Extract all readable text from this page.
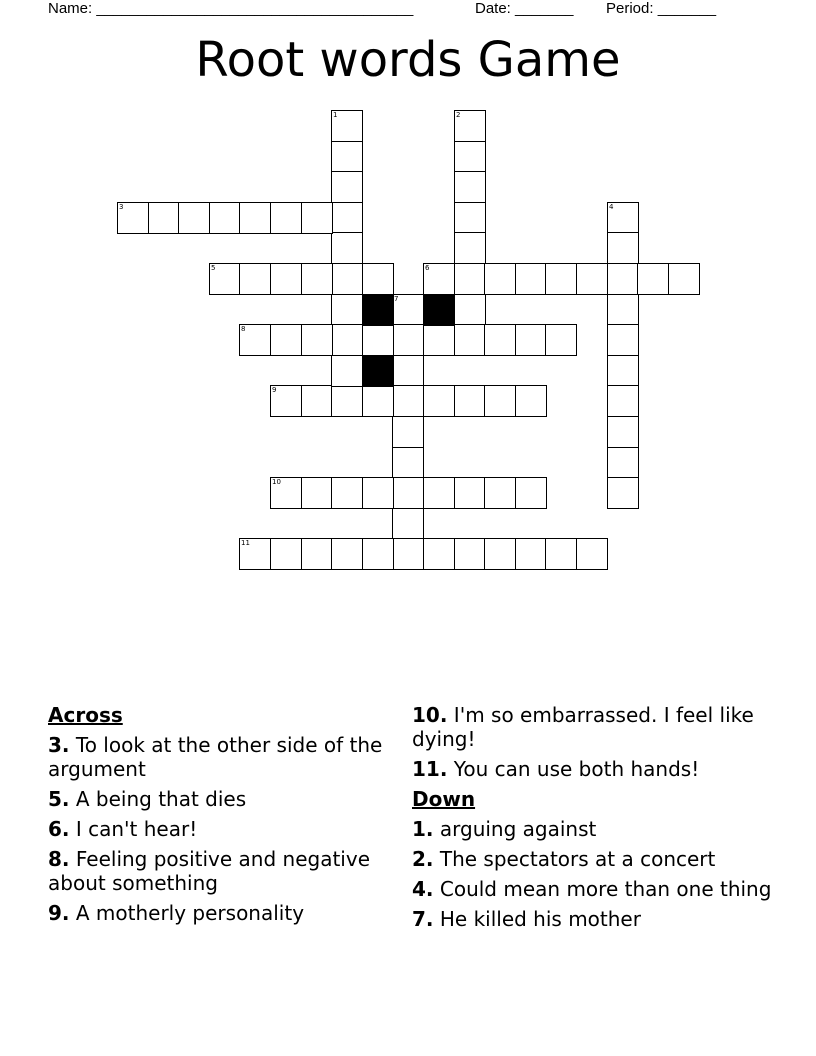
Name: ______________________________________	Date: _______ Period: _______
Root words Game
1	2
3	4
5	6
7
8
9
10
11
Across
3. To look at the other side of the argument
5. A being that dies
6. I can't hear!
8. Feeling positive and negative about something
9. A motherly personality
10. I'm so embarrassed. I feel like dying!
11. You can use both hands!
Down
1. arguing against
2. The spectators at a concert
4. Could mean more than one thing
7. He killed his mother
